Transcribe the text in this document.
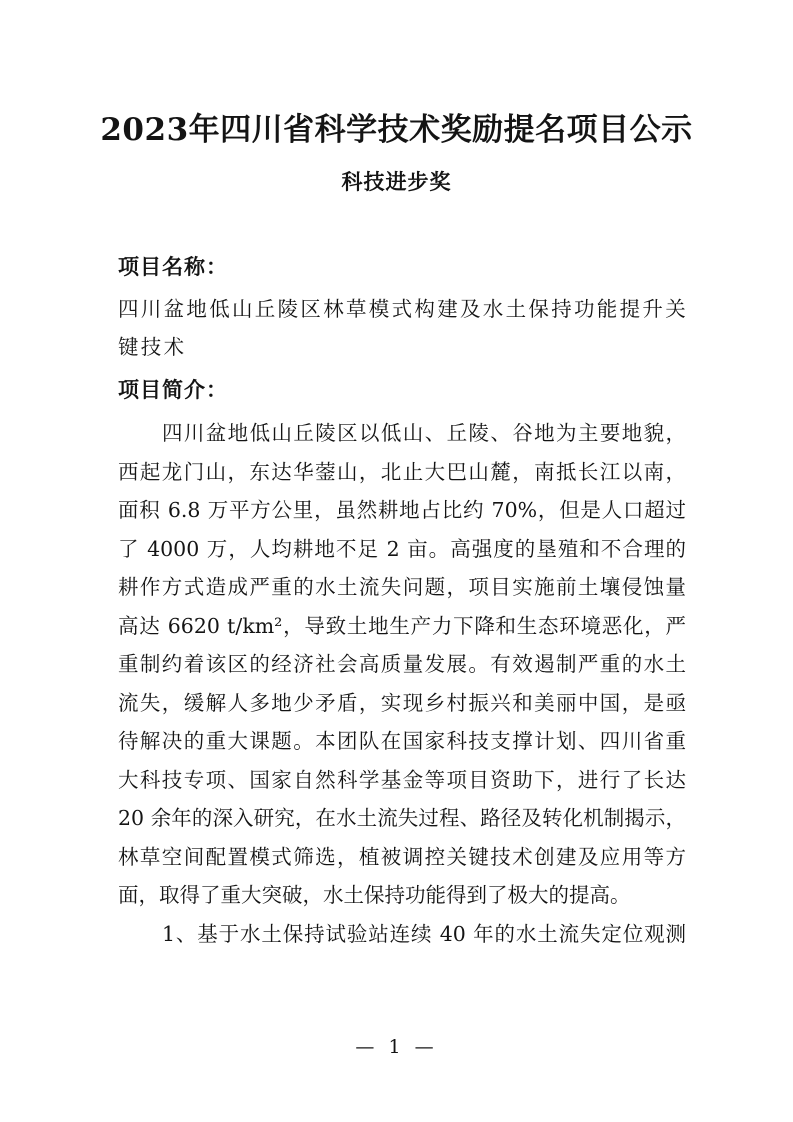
2023年四川省科学技术奖励提名项目公示
科技进步奖
项目名称：
四川盆地低山丘陵区林草模式构建及水土保持功能提升关
键技术
项目简介：
四川盆地低山丘陵区以低山、丘陵、谷地为主要地貌，
西起龙门山，东达华蓥山，北止大巴山麓，南抵长江以南，
面积 6.8 万平方公里，虽然耕地占比约 70%，但是人口超过
了 4000 万，人均耕地不足 2 亩。高强度的垦殖和不合理的
耕作方式造成严重的水土流失问题，项目实施前土壤侵蚀量
高达 6620 t/km²，导致土地生产力下降和生态环境恶化，严
重制约着该区的经济社会高质量发展。有效遏制严重的水土
流失，缓解人多地少矛盾，实现乡村振兴和美丽中国，是亟
待解决的重大课题。本团队在国家科技支撑计划、四川省重
大科技专项、国家自然科学基金等项目资助下，进行了长达
20 余年的深入研究，在水土流失过程、路径及转化机制揭示，
林草空间配置模式筛选，植被调控关键技术创建及应用等方
面，取得了重大突破，水土保持功能得到了极大的提高。
1、基于水土保持试验站连续 40 年的水土流失定位观测
— 1 —
